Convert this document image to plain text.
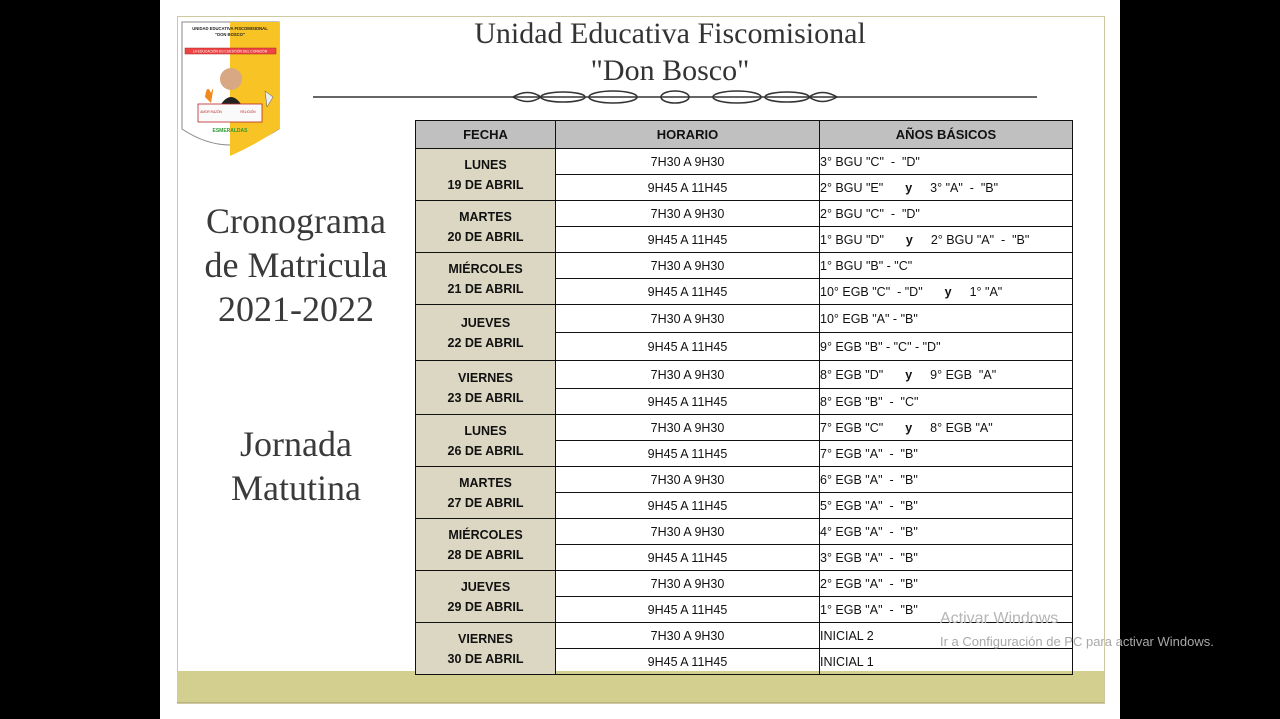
UNIDAD EDUCATIVA FISCOMISIONAL
"DON BOSCO"
LA EDUCACIÓN ES CUESTIÓN DEL CORAZÓN
AMOR RAZÓN	RELIGIÓN
ESMERALDAS
Unidad Educativa Fiscomisional
"Don Bosco"
Cronograma
de Matricula
2021-2022
Jornada
Matutina
FECHA	HORARIO	AÑOS BÁSICOS

LUNES
19 DE ABRIL	7H30 A 9H30	3° BGU "C"  -  "D"
	9H45 A 11H45	2° BGU "E" y 3° "A"  -  "B"

MARTES
20 DE ABRIL	7H30 A 9H30	2° BGU "C"  -  "D"
	9H45 A 11H45	1° BGU "D" y 2° BGU "A"  -  "B"

MIÉRCOLES
21 DE ABRIL	7H30 A 9H30	1° BGU "B" - "C"
	9H45 A 11H45	10° EGB "C"  - "D" y 1° "A"

JUEVES
22 DE ABRIL	7H30 A 9H30	10° EGB "A" - "B"
	9H45 A 11H45	9° EGB "B" - "C" - "D"

VIERNES
23 DE ABRIL	7H30 A 9H30	8° EGB "D" y 9° EGB  "A"
	9H45 A 11H45	8° EGB "B"  -  "C"

LUNES
26 DE ABRIL	7H30 A 9H30	7° EGB "C" y 8° EGB "A"
	9H45 A 11H45	7° EGB "A"  -  "B"

MARTES
27 DE ABRIL	7H30 A 9H30	6° EGB "A"  -  "B"
	9H45 A 11H45	5° EGB "A"  -  "B"

MIÉRCOLES
28 DE ABRIL	7H30 A 9H30	4° EGB "A"  -  "B"
	9H45 A 11H45	3° EGB "A"  -  "B"

JUEVES
29 DE ABRIL	7H30 A 9H30	2° EGB "A"  -  "B"
	9H45 A 11H45	1° EGB "A"  -  "B"

VIERNES
30 DE ABRIL	7H30 A 9H30	INICIAL 2
	9H45 A 11H45	INICIAL 1
Activar Windows
Ir a Configuración de PC para activar Windows.
